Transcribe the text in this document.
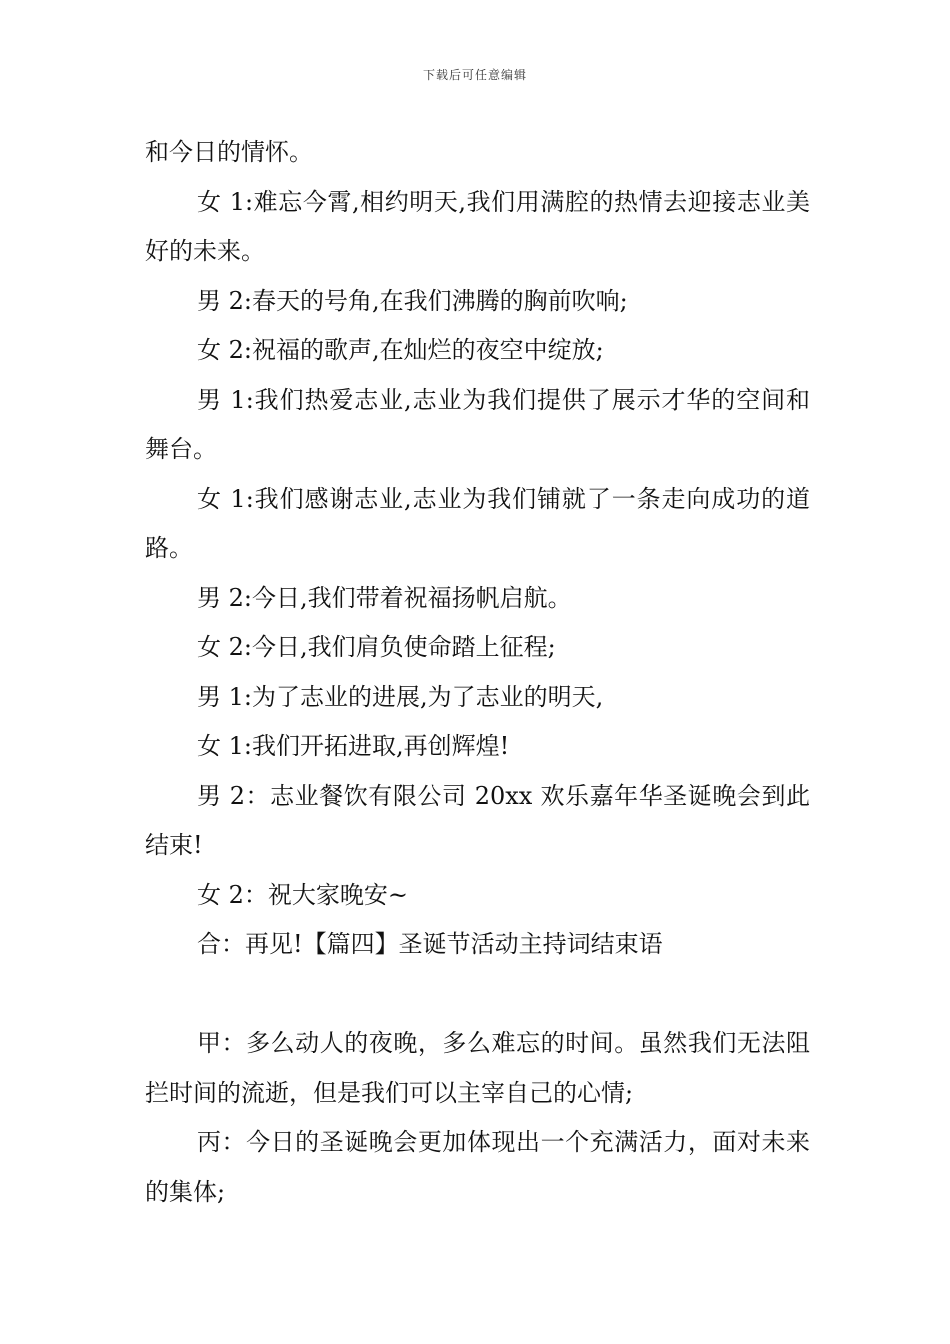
下载后可任意编辑

和今日的情怀。

女 1:难忘今霄,相约明天,我们用满腔的热情去迎接志业美好的未来。

男 2:春天的号角,在我们沸腾的胸前吹响;

女 2:祝福的歌声,在灿烂的夜空中绽放;

男 1:我们热爱志业,志业为我们提供了展示才华的空间和舞台。

女 1:我们感谢志业,志业为我们铺就了一条走向成功的道路。

男 2:今日,我们带着祝福扬帆启航。

女 2:今日,我们肩负使命踏上征程;

男 1:为了志业的进展,为了志业的明天,

女 1:我们开拓进取,再创辉煌!

男 2：志业餐饮有限公司 20xx 欢乐嘉年华圣诞晚会到此结束!

女 2：祝大家晚安~

合：再见!【篇四】圣诞节活动主持词结束语

甲：多么动人的夜晚，多么难忘的时间。虽然我们无法阻拦时间的流逝，但是我们可以主宰自己的心情;

丙：今日的圣诞晚会更加体现出一个充满活力，面对未来的集体;
